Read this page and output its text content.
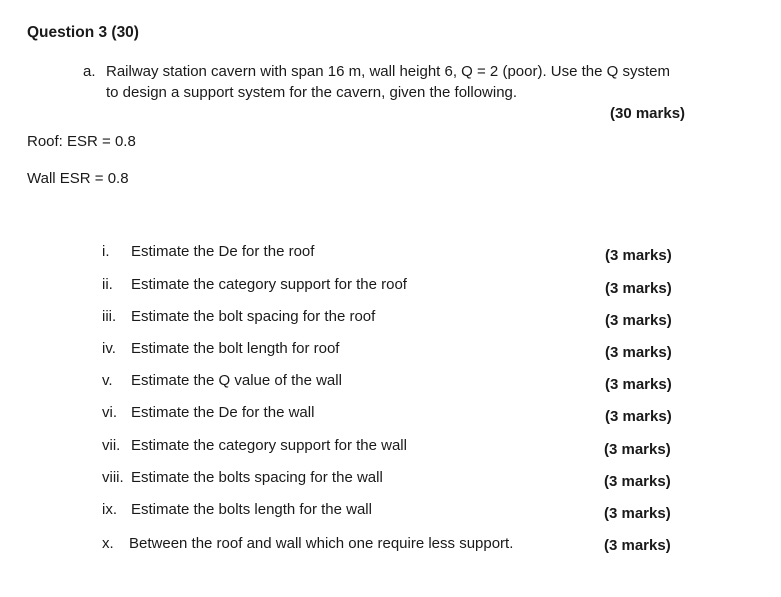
Question 3 (30)
a. Railway station cavern with span 16 m, wall height 6, Q = 2 (poor). Use the Q system
to design a support system for the cavern, given the following.
(30 marks)
Roof: ESR = 0.8
Wall ESR = 0.8
i. Estimate the De for the roof	(3 marks)
ii. Estimate the category support for the roof	(3 marks)
iii. Estimate the bolt spacing for the roof	(3 marks)
iv. Estimate the bolt length for roof	(3 marks)
v. Estimate the Q value of the wall	(3 marks)
vi. Estimate the De for the wall	(3 marks)
vii. Estimate the category support for the wall	(3 marks)
viii. Estimate the bolts spacing for the wall	(3 marks)
ix. Estimate the bolts length for the wall	(3 marks)
x. Between the roof and wall which one require less support.	(3 marks)
